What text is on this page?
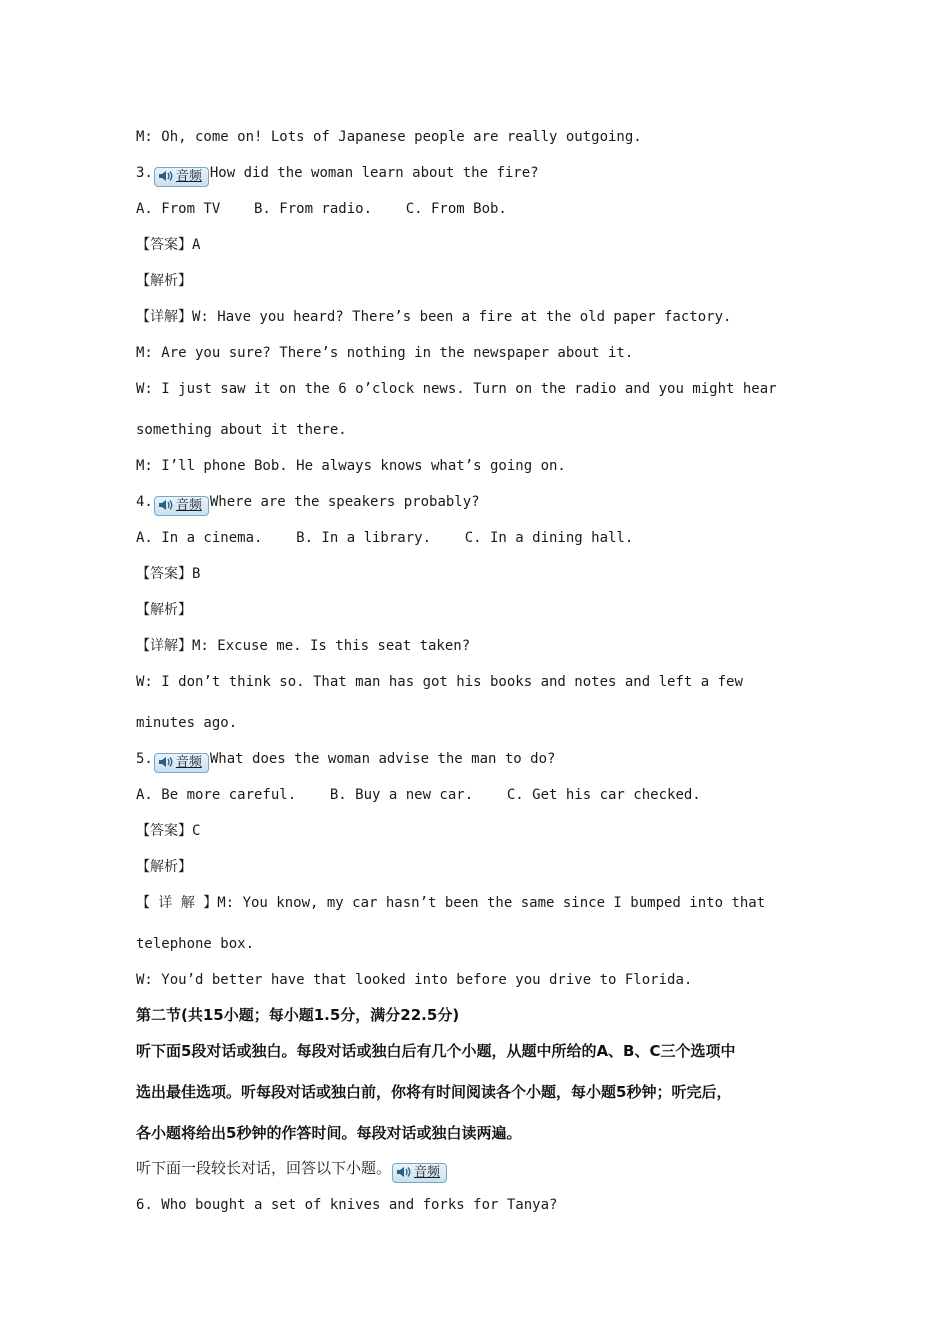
M: Oh, come on! Lots of Japanese people are really outgoing.
3. 音频 How did the woman learn about the fire?
A. From TV    B. From radio.    C. From Bob.
【答案】A
【解析】
【详解】W: Have you heard? There’s been a fire at the old paper factory.
M: Are you sure? There’s nothing in the newspaper about it.
W: I just saw it on the 6 o’clock news. Turn on the radio and you might hear
something about it there.
M: I’ll phone Bob. He always knows what’s going on.
4. 音频 Where are the speakers probably?
A. In a cinema.    B. In a library.    C. In a dining hall.
【答案】B
【解析】
【详解】M: Excuse me. Is this seat taken?
W: I don’t think so. That man has got his books and notes and left a few
minutes ago.
5. 音频 What does the woman advise the man to do?
A. Be more careful.    B. Buy a new car.    C. Get his car checked.
【答案】C
【解析】
【 详 解 】M: You know, my car hasn’t been the same since I bumped into that
telephone box.
W: You’d better have that looked into before you drive to Florida.
第二节(共15小题；每小题1.5分，满分22.5分)
听下面5段对话或独白。每段对话或独白后有几个小题，从题中所给的A、B、C三个选项中
选出最佳选项。听每段对话或独白前，你将有时间阅读各个小题，每小题5秒钟；听完后，
各小题将给出5秒钟的作答时间。每段对话或独白读两遍。
听下面一段较长对话，回答以下小题。 音频
6. Who bought a set of knives and forks for Tanya?
